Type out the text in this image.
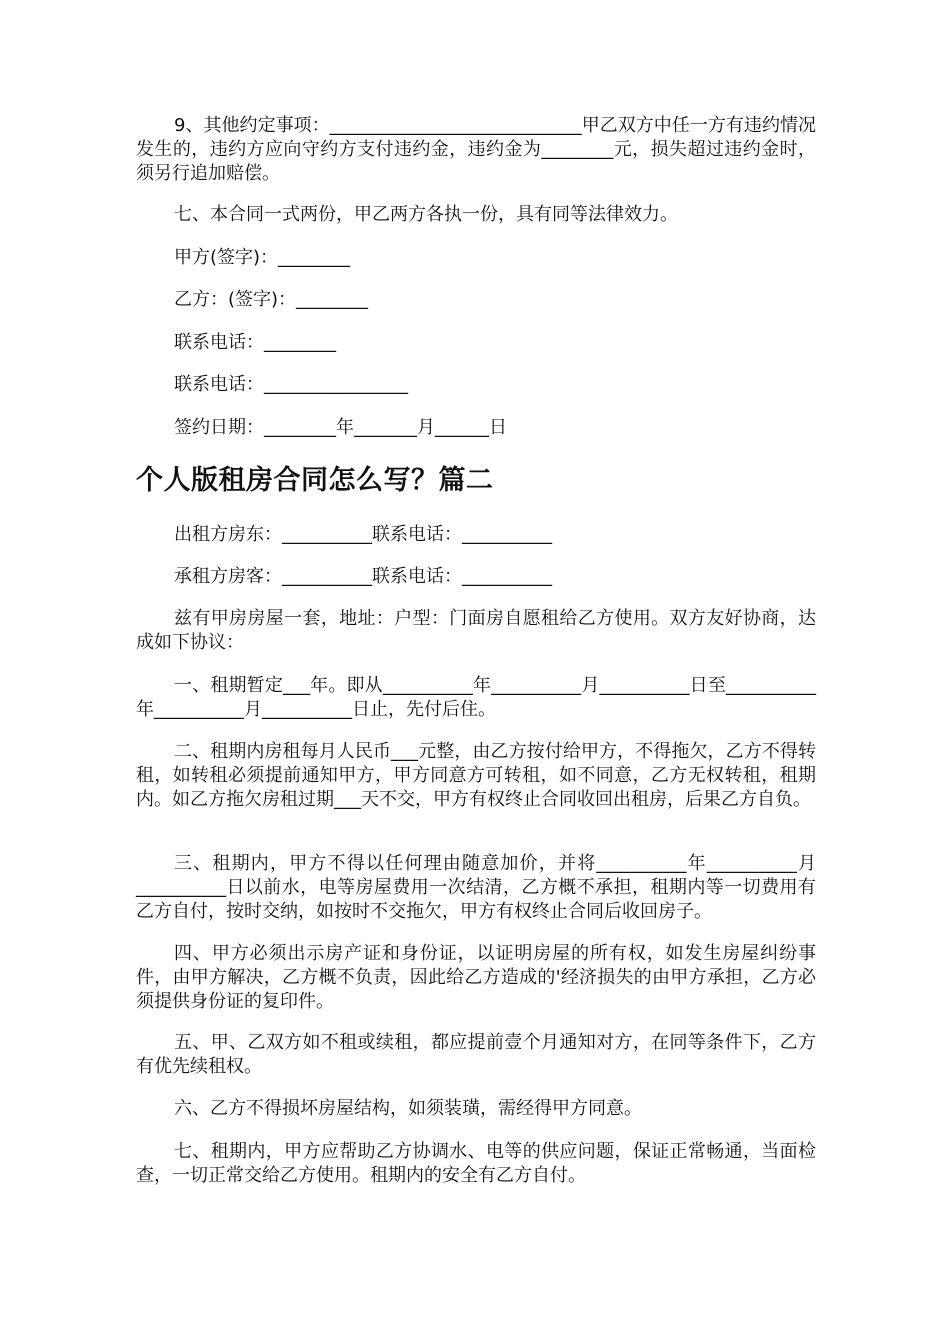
9、其他约定事项：____________________________甲乙双方中任一方有违约情况发生的，违约方应向守约方支付违约金，违约金为________元，损失超过违约金时，须另行追加赔偿。

七、本合同一式两份，甲乙两方各执一份，具有同等法律效力。

甲方(签字)：________

乙方：(签字)：________

联系电话：________

联系电话：________________

签约日期：________年_______月______日

个人版租房合同怎么写？篇二

出租方房东：__________联系电话：__________

承租方房客：__________联系电话：__________

兹有甲房房屋一套，地址：户型：门面房自愿租给乙方使用。双方友好协商，达成如下协议：

一、租期暂定___年。即从__________年__________月__________日至__________年__________月__________日止，先付后住。

二、租期内房租每月人民币___元整，由乙方按付给甲方，不得拖欠，乙方不得转租，如转租必须提前通知甲方，甲方同意方可转租，如不同意，乙方无权转租，租期内。如乙方拖欠房租过期___天不交，甲方有权终止合同收回出租房，后果乙方自负。

三、租期内，甲方不得以任何理由随意加价，并将__________年__________月__________日以前水，电等房屋费用一次结清，乙方概不承担，租期内等一切费用有乙方自付，按时交纳，如按时不交拖欠，甲方有权终止合同后收回房子。

四、甲方必须出示房产证和身份证，以证明房屋的所有权，如发生房屋纠纷事件，由甲方解决，乙方概不负责，因此给乙方造成的'经济损失的由甲方承担，乙方必须提供身份证的复印件。

五、甲、乙双方如不租或续租，都应提前壹个月通知对方，在同等条件下，乙方有优先续租权。

六、乙方不得损坏房屋结构，如须装璜，需经得甲方同意。

七、租期内，甲方应帮助乙方协调水、电等的供应问题，保证正常畅通，当面检查，一切正常交给乙方使用。租期内的安全有乙方自付。
